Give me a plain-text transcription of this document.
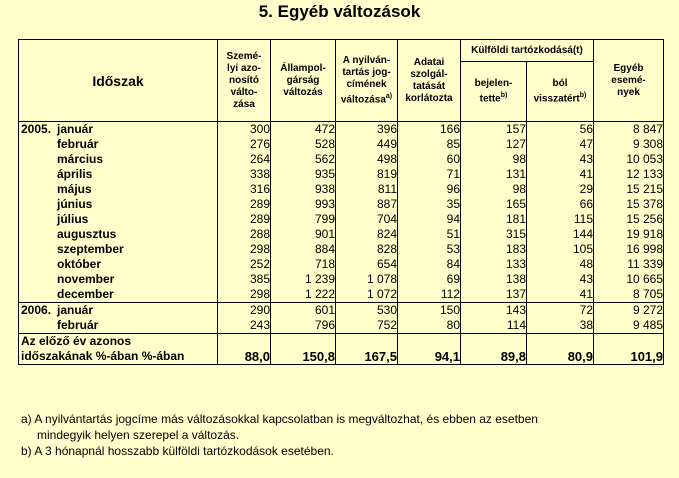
5. Egyéb változások
Időszak	Szemé- lyi azo- nosító válto- zása	Állampol- gárság változás	A nyilván- tartás jog- címének változása$^{a)}$	Adatai szolgál- tatását korlátozta	Külföldi tartózkodásá(t)		Egyéb esemé- nyek
					bejelen- tette$^{b)}$	ból visszatért$^{b)}$
2005. január	300	472	396	166	157	56	8 847
február	276	528	449	85	127	47	9 308
március	264	562	498	60	98	43	10 053
április	338	935	819	71	131	41	12 133
május	316	938	811	96	98	29	15 215
június	289	993	887	35	165	66	15 378
július	289	799	704	94	181	115	15 256
augusztus	288	901	824	51	315	144	19 918
szeptember	298	884	828	53	183	105	16 998
október	252	718	654	84	133	48	11 339
november	385	1 239	1 078	69	138	43	10 665
december	298	1 222	1 072	112	137	41	8 705
2006. január	290	601	530	150	143	72	9 272
február	243	796	752	80	114	38	9 485

Az előző év azonos
időszakának %-ában %-ában	88,0	150,8	167,5	94,1	89,8	80,9	101,9
a) A nyilvántartás jogcíme más változásokkal kapcsolatban is megváltozhat, és ebben az esetben
mindegyik helyen szerepel a változás.
b) A 3 hónapnál hosszabb külföldi tartózkodások esetében.
